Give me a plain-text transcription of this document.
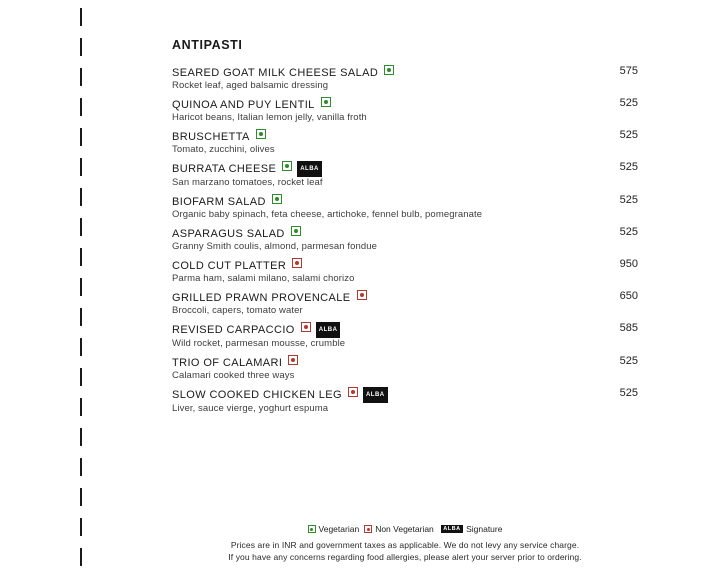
ANTIPASTI
SEARED GOAT MILK CHEESE SALAD
Rocket leaf, aged balsamic dressing
575
QUINOA AND PUY LENTIL
Haricot beans, Italian lemon jelly, vanilla froth
525
BRUSCHETTA
Tomato, zucchini, olives
525
BURRATA CHEESE	ALBA
San marzano tomatoes, rocket leaf
525
BIOFARM SALAD
Organic baby spinach, feta cheese, artichoke, fennel bulb, pomegranate
525
ASPARAGUS SALAD
Granny Smith coulis, almond, parmesan fondue
525
COLD CUT PLATTER
Parma ham, salami milano, salami chorizo
950
GRILLED PRAWN PROVENCALE
Broccoli, capers, tomato water
650
REVISED CARPACCIO	ALBA
Wild rocket, parmesan mousse, crumble
585
TRIO OF CALAMARI
Calamari cooked three ways
525
SLOW COOKED CHICKEN LEG	ALBA
Liver, sauce vierge, yoghurt espuma
525
Vegetarian Non Vegetarian	ALBA Signature
Prices are in INR and government taxes as applicable. We do not levy any service charge.
If you have any concerns regarding food allergies, please alert your server prior to ordering.
